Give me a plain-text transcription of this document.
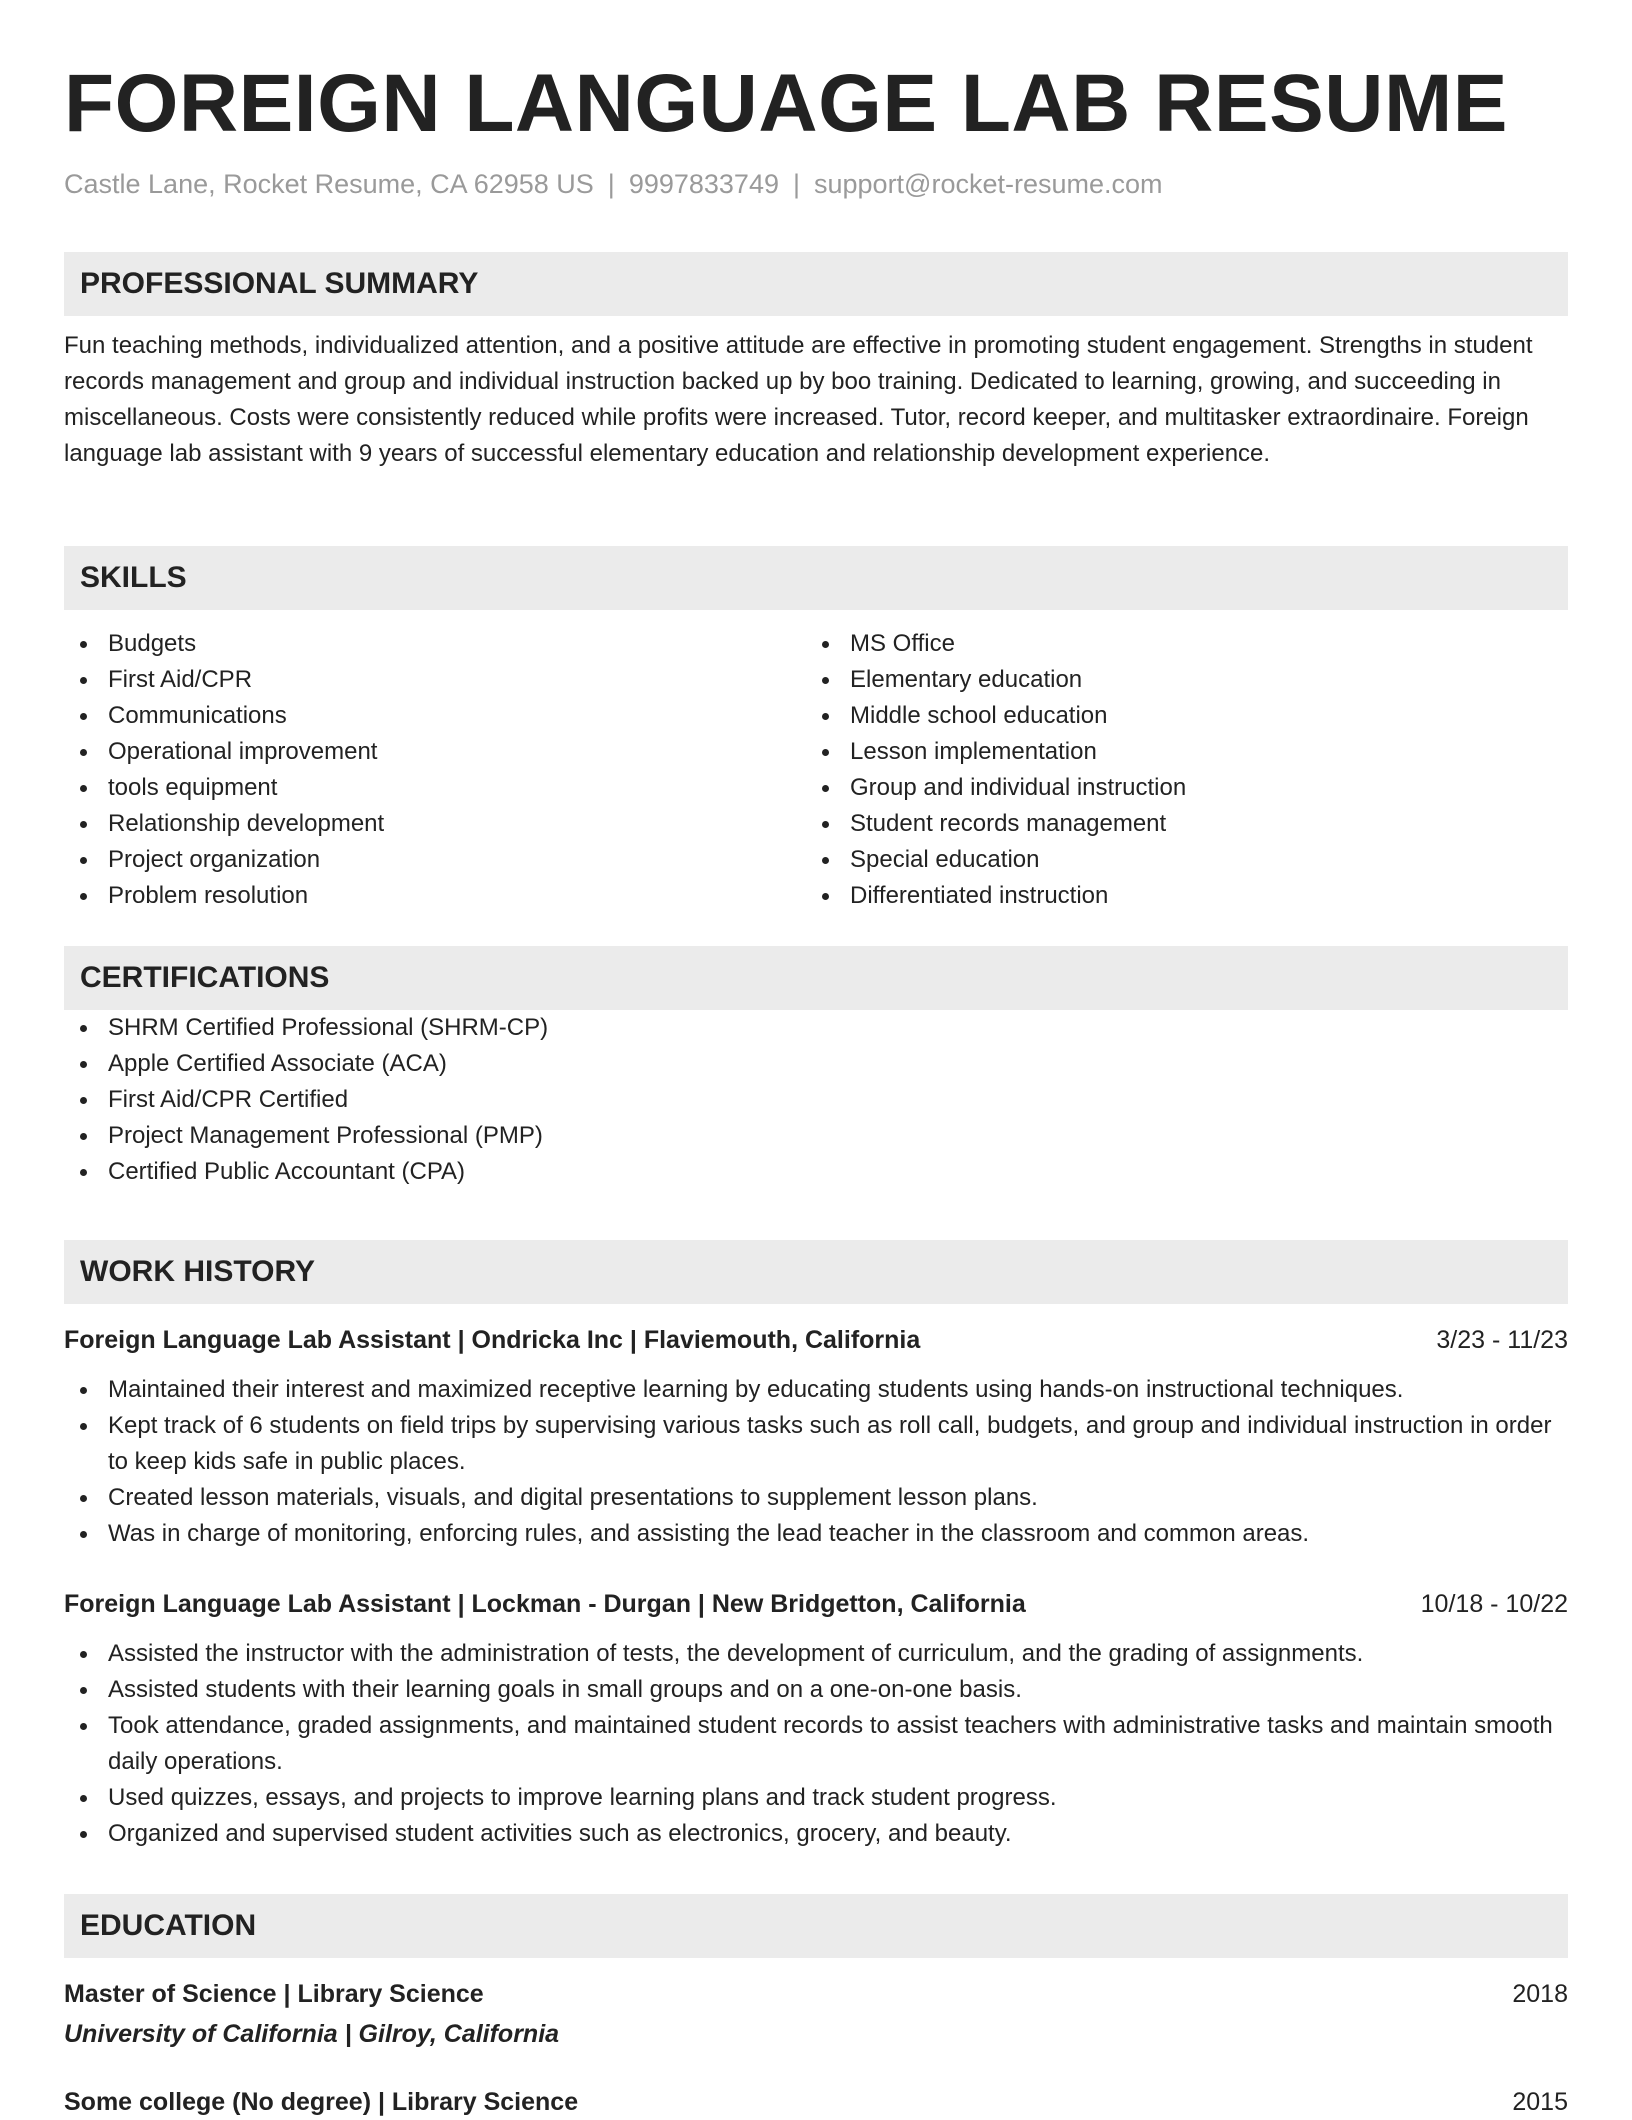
FOREIGN LANGUAGE LAB RESUME
Castle Lane, Rocket Resume, CA 62958 US | 9997833749 | support@rocket-resume.com
PROFESSIONAL SUMMARY
Fun teaching methods, individualized attention, and a positive attitude are effective in promoting student engagement. Strengths in student records management and group and individual instruction backed up by boo training. Dedicated to learning, growing, and succeeding in miscellaneous. Costs were consistently reduced while profits were increased. Tutor, record keeper, and multitasker extraordinaire. Foreign language lab assistant with 9 years of successful elementary education and relationship development experience.
SKILLS
Budgets
First Aid/CPR
Communications
Operational improvement
tools equipment
Relationship development
Project organization
Problem resolution
MS Office
Elementary education
Middle school education
Lesson implementation
Group and individual instruction
Student records management
Special education
Differentiated instruction
CERTIFICATIONS
SHRM Certified Professional (SHRM-CP)
Apple Certified Associate (ACA)
First Aid/CPR Certified
Project Management Professional (PMP)
Certified Public Accountant (CPA)
WORK HISTORY
Foreign Language Lab Assistant | Ondricka Inc | Flaviemouth, California	3/23 - 11/23
Maintained their interest and maximized receptive learning by educating students using hands-on instructional techniques.
Kept track of 6 students on field trips by supervising various tasks such as roll call, budgets, and group and individual instruction in order to keep kids safe in public places.
Created lesson materials, visuals, and digital presentations to supplement lesson plans.
Was in charge of monitoring, enforcing rules, and assisting the lead teacher in the classroom and common areas.
Foreign Language Lab Assistant | Lockman - Durgan | New Bridgetton, California	10/18 - 10/22
Assisted the instructor with the administration of tests, the development of curriculum, and the grading of assignments.
Assisted students with their learning goals in small groups and on a one-on-one basis.
Took attendance, graded assignments, and maintained student records to assist teachers with administrative tasks and maintain smooth daily operations.
Used quizzes, essays, and projects to improve learning plans and track student progress.
Organized and supervised student activities such as electronics, grocery, and beauty.
EDUCATION
Master of Science | Library Science	2018
University of California | Gilroy, California
Some college (No degree) | Library Science	2015
